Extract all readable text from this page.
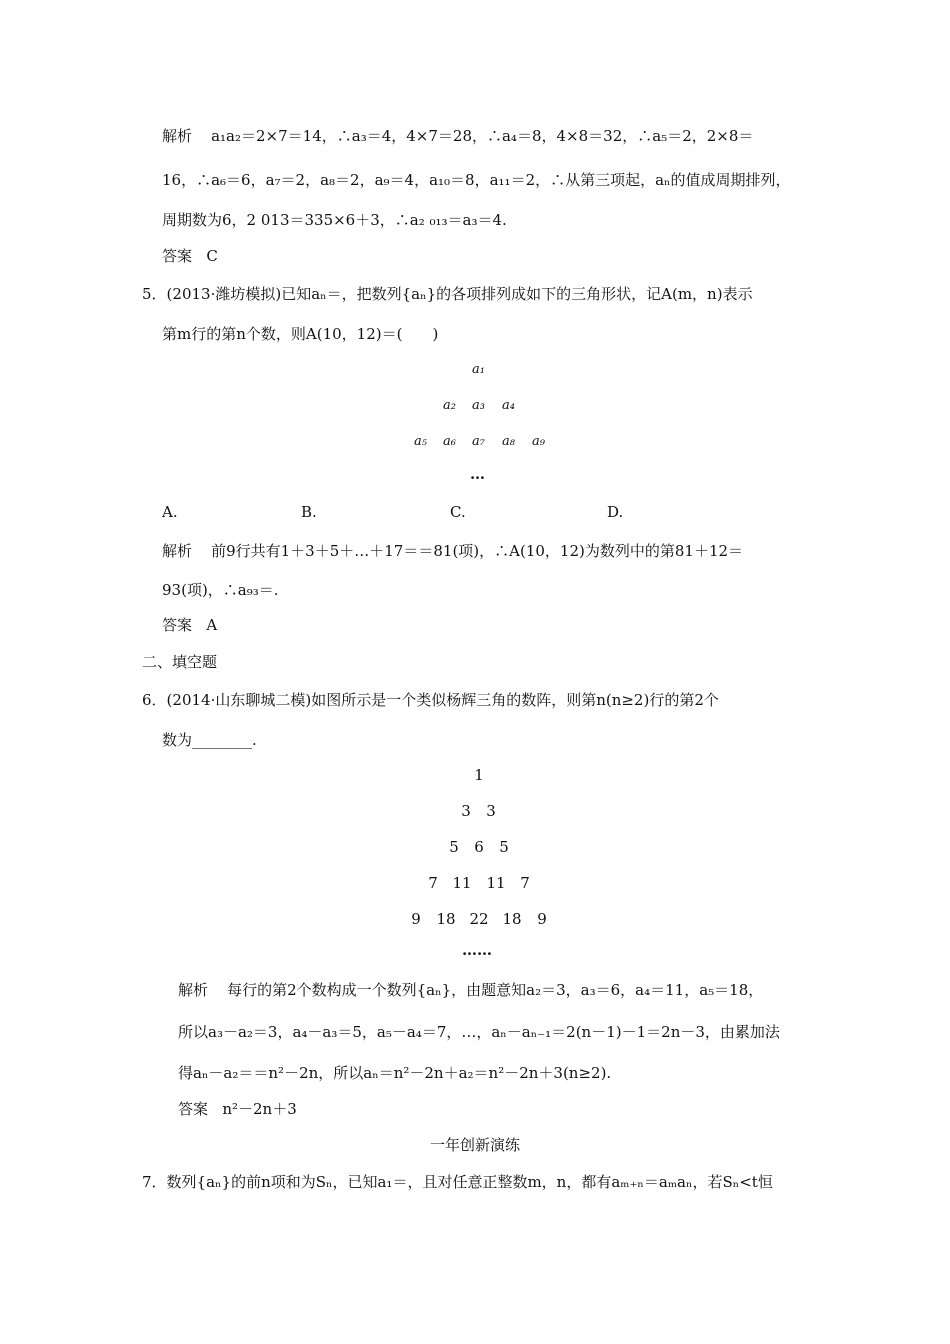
解析 a₁a₂＝2×7＝14，∴a₃＝4，4×7＝28，∴a₄＝8，4×8＝32，∴a₅＝2，2×8＝
16，∴a₆＝6，a₇＝2，a₈＝2，a₉＝4，a₁₀＝8，a₁₁＝2，∴从第三项起，aₙ的值成周期排列，
周期数为6，2 013＝335×6＋3，∴a₂ ₀₁₃＝a₃＝4.
答案 C
5．(2013·潍坊模拟)已知aₙ＝，把数列{aₙ}的各项排列成如下的三角形状，记A(m，n)表示
第m行的第n个数，则A(10，12)＝(　　)
a₁
a₂ a₃ a₄
a₅ a₆ a₇ a₈ a₉
…
A.	B.	C.	D.
解析 前9行共有1＋3＋5＋…＋17＝＝81(项)，∴A(10，12)为数列中的第81＋12＝
93(项)，∴a₉₃＝.
答案 A
二、填空题
6．(2014·山东聊城二模)如图所示是一个类似杨辉三角的数阵，则第n(n≥2)行的第2个
数为________.
1
3	3
5	6	5
7 11 11 7
9	18 22 18	9
……
解析 每行的第2个数构成一个数列{aₙ}，由题意知a₂＝3，a₃＝6，a₄＝11，a₅＝18，
所以a₃－a₂＝3，a₄－a₃＝5，a₅－a₄＝7，…，aₙ－aₙ₋₁＝2(n－1)－1＝2n－3，由累加法
得aₙ－a₂＝＝n²－2n，所以aₙ＝n²－2n＋a₂＝n²－2n＋3(n≥2).
答案 n²－2n＋3
一年创新演练
7．数列{aₙ}的前n项和为Sₙ，已知a₁＝，且对任意正整数m，n，都有aₘ₊ₙ＝aₘaₙ，若Sₙ<t恒
